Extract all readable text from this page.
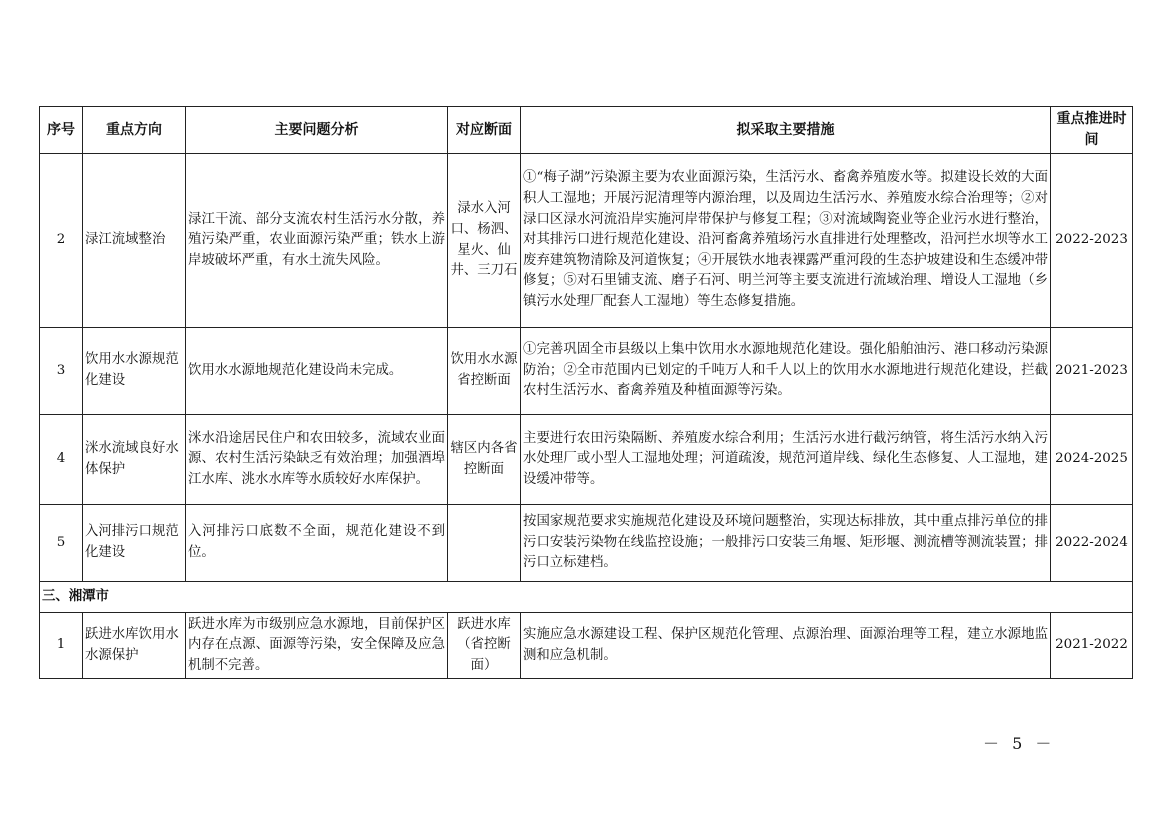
序号	重点方向	主要问题分析	对应断面	拟采取主要措施	重点推进时间
2	渌江流域整治	渌江干流、部分支流农村生活污水分散，养殖污染严重，农业面源污染严重；铁水上游岸坡破坏严重，有水土流失风险。	渌水入河口、杨泗、星火、仙井、三刀石	①“梅子湖”污染源主要为农业面源污染，生活污水、畜禽养殖废水等。拟建设长效的大面积人工湿地；开展污泥清理等内源治理，以及周边生活污水、养殖废水综合治理等；②对渌口区渌水河流沿岸实施河岸带保护与修复工程；③对流域陶瓷业等企业污水进行整治，对其排污口进行规范化建设、沿河畜禽养殖场污水直排进行处理整改，沿河拦水坝等水工废弃建筑物清除及河道恢复；④开展铁水地表裸露严重河段的生态护坡建设和生态缓冲带修复；⑤对石里铺支流、磨子石河、明兰河等主要支流进行流域治理、增设人工湿地（乡镇污水处理厂配套人工湿地）等生态修复措施。	2022-2023
3	饮用水水源规范化建设	饮用水水源地规范化建设尚未完成。	饮用水水源省控断面	①完善巩固全市县级以上集中饮用水水源地规范化建设。强化船舶油污、港口移动污染源防治；②全市范围内已划定的千吨万人和千人以上的饮用水水源地进行规范化建设，拦截农村生活污水、畜禽养殖及种植面源等污染。	2021-2023
4	洣水流域良好水体保护	洣水沿途居民住户和农田较多，流域农业面源、农村生活污染缺乏有效治理；加强酒埠江水库、洮水水库等水质较好水库保护。	辖区内各省控断面	主要进行农田污染隔断、养殖废水综合利用；生活污水进行截污纳管，将生活污水纳入污水处理厂或小型人工湿地处理；河道疏浚，规范河道岸线、绿化生态修复、人工湿地，建设缓冲带等。	2024-2025
5	入河排污口规范化建设	入河排污口底数不全面，规范化建设不到位。		按国家规范要求实施规范化建设及环境问题整治，实现达标排放，其中重点排污单位的排污口安装污染物在线监控设施；一般排污口安装三角堰、矩形堰、测流槽等测流装置；排污口立标建档。	2022-2024
三、湘潭市					
1	跃进水库饮用水水源保护	跃进水库为市级别应急水源地，目前保护区内存在点源、面源等污染，安全保障及应急机制不完善。	跃进水库（省控断面）	实施应急水源建设工程、保护区规范化管理、点源治理、面源治理等工程，建立水源地监测和应急机制。	2021-2022
－ 5 －
